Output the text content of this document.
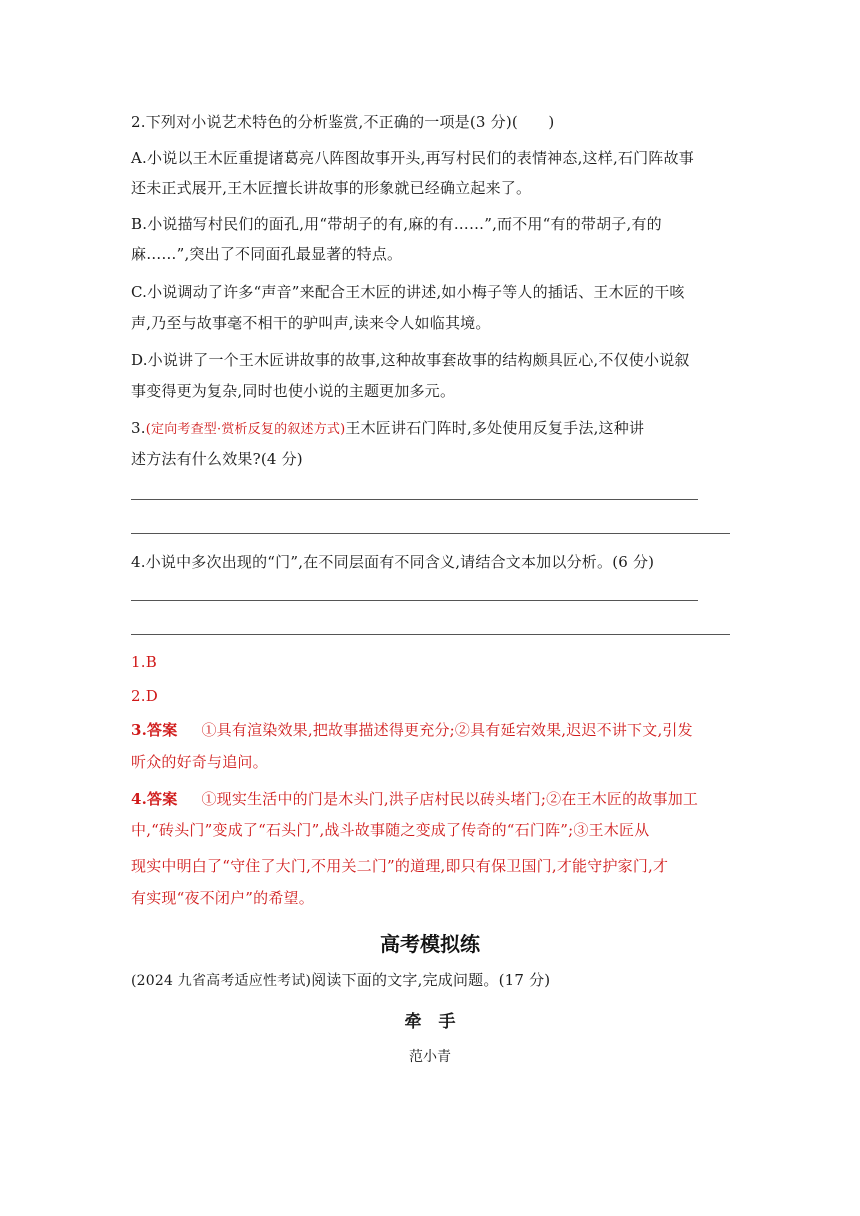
2.下列对小说艺术特色的分析鉴赏,不正确的一项是(3 分)(　　)
A.小说以王木匠重提诸葛亮八阵图故事开头,再写村民们的表情神态,这样,石门阵故事
还未正式展开,王木匠擅长讲故事的形象就已经确立起来了。
B.小说描写村民们的面孔,用“带胡子的有,麻的有……”,而不用“有的带胡子,有的
麻……”,突出了不同面孔最显著的特点。
C.小说调动了许多“声音”来配合王木匠的讲述,如小梅子等人的插话、王木匠的干咳
声,乃至与故事毫不相干的驴叫声,读来令人如临其境。
D.小说讲了一个王木匠讲故事的故事,这种故事套故事的结构颇具匠心,不仅使小说叙
事变得更为复杂,同时也使小说的主题更加多元。
3.(定向考查型·赏析反复的叙述方式)王木匠讲石门阵时,多处使用反复手法,这种讲
述方法有什么效果?(4 分)
4.小说中多次出现的“门”,在不同层面有不同含义,请结合文本加以分析。(6 分)
1.B
2.D
3.答案 ①具有渲染效果,把故事描述得更充分;②具有延宕效果,迟迟不讲下文,引发
听众的好奇与追问。
4.答案 ①现实生活中的门是木头门,洪子店村民以砖头堵门;②在王木匠的故事加工
中,“砖头门”变成了“石头门”,战斗故事随之变成了传奇的“石门阵”;③王木匠从
现实中明白了“守住了大门,不用关二门”的道理,即只有保卫国门,才能守护家门,才
有实现“夜不闭户”的希望。
高考模拟练
(2024 九省高考适应性考试)阅读下面的文字,完成问题。(17 分)
牵　手
范小青
